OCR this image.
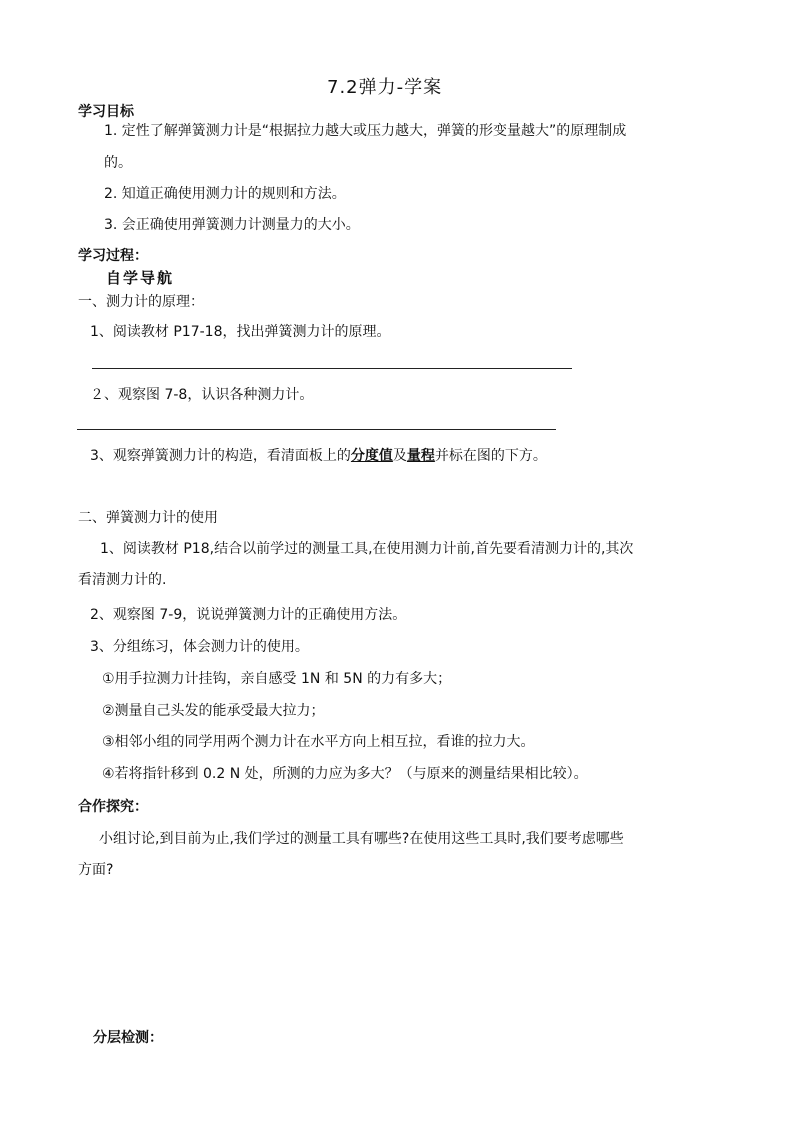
7.2弹力-学案
学习目标
1. 定性了解弹簧测力计是“根据拉力越大或压力越大，弹簧的形变量越大”的原理制成
的。
2. 知道正确使用测力计的规则和方法。
3. 会正确使用弹簧测力计测量力的大小。
学习过程：
自学导航
一、测力计的原理：
1、阅读教材 P17-18，找出弹簧测力计的原理。
２、观察图 7-8，认识各种测力计。
3、观察弹簧测力计的构造，看清面板上的分度值及量程并标在图的下方。
二、弹簧测力计的使用
1、阅读教材 P18,结合以前学过的测量工具,在使用测力计前,首先要看清测力计的,其次
看清测力计的.
2、观察图 7-9，说说弹簧测力计的正确使用方法。
3、分组练习，体会测力计的使用。
①用手拉测力计挂钩，亲自感受 1N 和 5N 的力有多大；
②测量自己头发的能承受最大拉力；
③相邻小组的同学用两个测力计在水平方向上相互拉，看谁的拉力大。
④若将指针移到 0.2 N 处，所测的力应为多大？（与原来的测量结果相比较）。
合作探究：
小组讨论,到目前为止,我们学过的测量工具有哪些?在使用这些工具时,我们要考虑哪些
方面?
分层检测：
